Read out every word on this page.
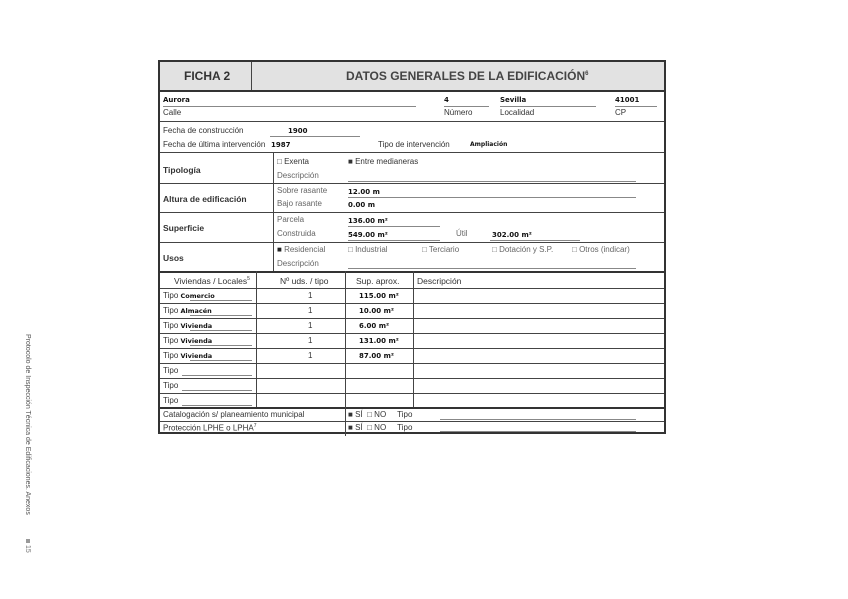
Protocolo de Inspección Técnica de Edificaciones. Anexos
15
FICHA 2	DATOS GENERALES DE LA EDIFICACIÓN$^6$
Aurora
Calle
4
Número
Sevilla
Localidad
41001
CP
Fecha de construcción	1900
Fecha de última intervención 1987	Tipo de intervención	Ampliación
Tipología
□ Exenta	■ Entre medianeras
Descripción
Altura de edificación
Sobre rasante	12.00 m
Bajo rasante	0.00 m
Superficie
Parcela	136.00 m²
Construida	549.00 m²	Útil	302.00 m²
Usos
■ Residencial	□ Industrial	□ Terciario	□ Dotación y S.P. □ Otros (indicar)
Descripción
Viviendas / Locales$^5$	Nº uds. / tipo	Sup. aprox. Descripción
Tipo Comercio	1	115.00 m²
Tipo Almacén	1	10.00 m²
Tipo Vivienda	1	6.00 m²
Tipo Vivienda	1	131.00 m²
Tipo Vivienda	1	87.00 m²
Tipo
Tipo
Tipo
Catalogación s/ planeamiento municipal	■ SÍ □ NO Tipo
Protección LPHE o LPHA$^7$	■ SÍ □ NO Tipo
